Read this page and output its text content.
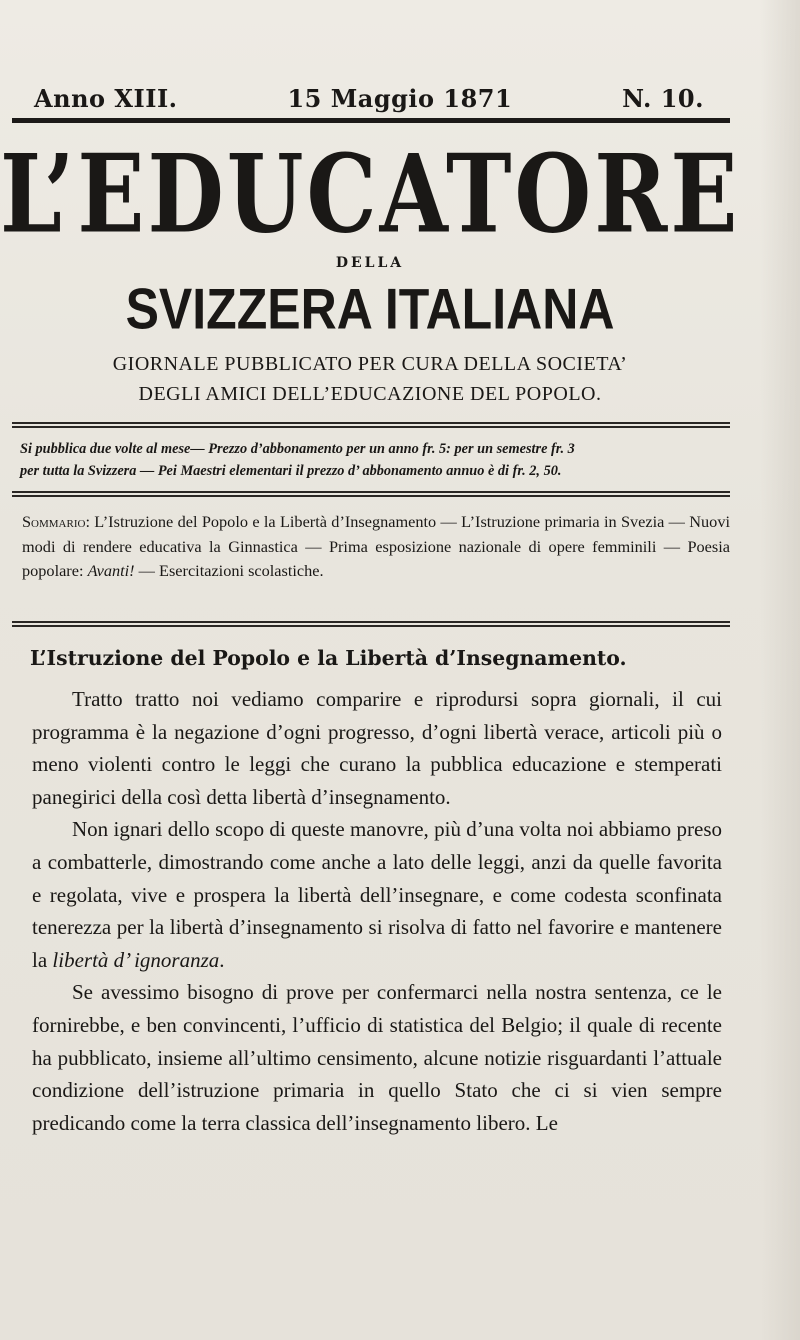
Anno XIII.	15 Maggio 1871	N. 10.
L’EDUCATORE
DELLA
SVIZZERA ITALIANA
GIORNALE PUBBLICATO PER CURA DELLA SOCIETA’
DEGLI AMICI DELL’EDUCAZIONE DEL POPOLO.
Si pubblica due volte al mese— Prezzo d’abbonamento per un anno fr. 5: per un semestre fr. 3
per tutta la Svizzera — Pei Maestri elementari il prezzo d’ abbonamento annuo è di fr. 2, 50.
Sommario: L’Istruzione del Popolo e la Libertà d’Insegnamento — L’Istruzione primaria in Svezia — Nuovi modi di rendere educativa la Ginnastica — Prima esposizione nazionale di opere femminili — Poesia popolare: Avanti! — Esercitazioni scolastiche.
L’Istruzione del Popolo e la Libertà d’Insegnamento.

Tratto tratto noi vediamo comparire e riprodursi sopra giornali, il cui programma è la negazione d’ogni progresso, d’ogni libertà verace, articoli più o meno violenti contro le leggi che curano la pubblica educazione e stemperati panegirici della così detta libertà d’insegnamento.

Non ignari dello scopo di queste manovre, più d’una volta noi abbiamo preso a combatterle, dimostrando come anche a lato delle leggi, anzi da quelle favorita e regolata, vive e prospera la libertà dell’insegnare, e come codesta sconfinata tenerezza per la libertà d’insegnamento si risolva di fatto nel favorire e mantenere la libertà d’ ignoranza.

Se avessimo bisogno di prove per confermarci nella nostra sentenza, ce le fornirebbe, e ben convincenti, l’ufficio di statistica del Belgio; il quale di recente ha pubblicato, insieme all’ultimo censimento, alcune notizie risguardanti l’attuale condizione dell’istruzione primaria in quello Stato che ci si vien sempre predicando come la terra classica dell’insegnamento libero. Le
